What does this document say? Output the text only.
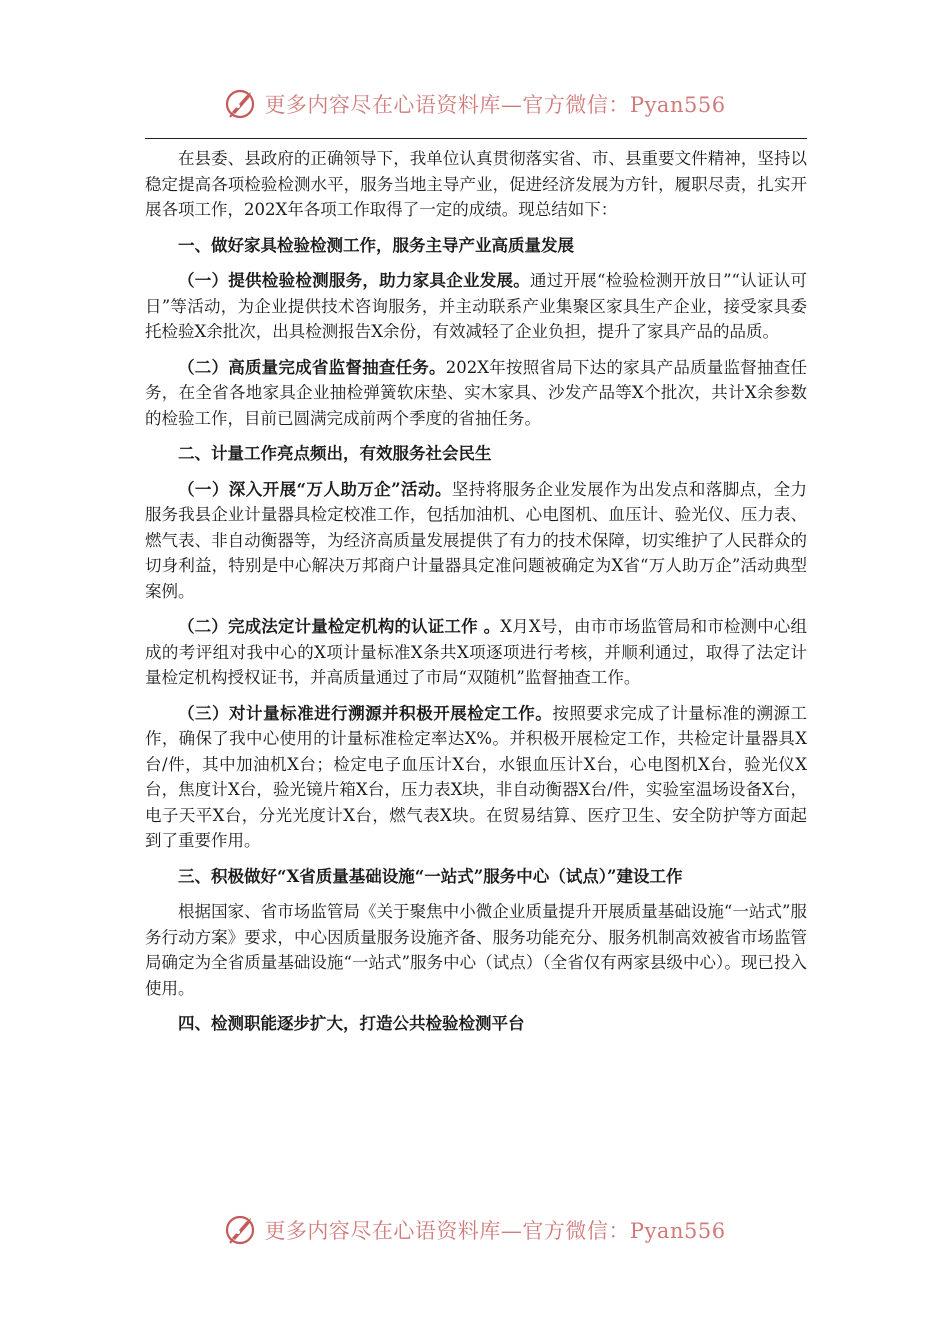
更多内容尽在心语资料库—官方微信：Pyan556

在县委、县政府的正确领导下，我单位认真贯彻落实省、市、县重要文件精神，坚持以稳定提高各项检验检测水平，服务当地主导产业，促进经济发展为方针，履职尽责，扎实开展各项工作，202X年各项工作取得了一定的成绩。现总结如下：

一、做好家具检验检测工作，服务主导产业高质量发展

（一）提供检验检测服务，助力家具企业发展。通过开展“检验检测开放日”“认证认可日”等活动，为企业提供技术咨询服务，并主动联系产业集聚区家具生产企业，接受家具委托检验X余批次，出具检测报告X余份，有效减轻了企业负担，提升了家具产品的品质。

（二）高质量完成省监督抽查任务。202X年按照省局下达的家具产品质量监督抽查任务，在全省各地家具企业抽检弹簧软床垫、实木家具、沙发产品等X个批次，共计X余参数的检验工作，目前已圆满完成前两个季度的省抽任务。

二、计量工作亮点频出，有效服务社会民生

（一）深入开展“万人助万企”活动。坚持将服务企业发展作为出发点和落脚点，全力服务我县企业计量器具检定校准工作，包括加油机、心电图机、血压计、验光仪、压力表、燃气表、非自动衡器等，为经济高质量发展提供了有力的技术保障，切实维护了人民群众的切身利益，特别是中心解决万邦商户计量器具定准问题被确定为X省“万人助万企”活动典型案例。

（二）完成法定计量检定机构的认证工作 。X月X号，由市市场监管局和市检测中心组成的考评组对我中心的X项计量标准X条共X项逐项进行考核，并顺利通过，取得了法定计量检定机构授权证书，并高质量通过了市局“双随机”监督抽查工作。

（三）对计量标准进行溯源并积极开展检定工作。按照要求完成了计量标准的溯源工作，确保了我中心使用的计量标准检定率达X%。并积极开展检定工作，共检定计量器具X台/件，其中加油机X台；检定电子血压计X台，水银血压计X台，心电图机X台，验光仪X台，焦度计X台，验光镜片箱X台，压力表X块，非自动衡器X台/件，实验室温场设备X台，电子天平X台，分光光度计X台，燃气表X块。在贸易结算、医疗卫生、安全防护等方面起到了重要作用。

三、积极做好“X省质量基础设施“一站式”服务中心（试点）”建设工作

根据国家、省市场监管局《关于聚焦中小微企业质量提升开展质量基础设施“一站式”服务行动方案》要求，中心因质量服务设施齐备、服务功能充分、服务机制高效被省市场监管局确定为全省质量基础设施“一站式”服务中心（试点）（全省仅有两家县级中心）。现已投入使用。

四、检测职能逐步扩大，打造公共检验检测平台

更多内容尽在心语资料库—官方微信：Pyan556
